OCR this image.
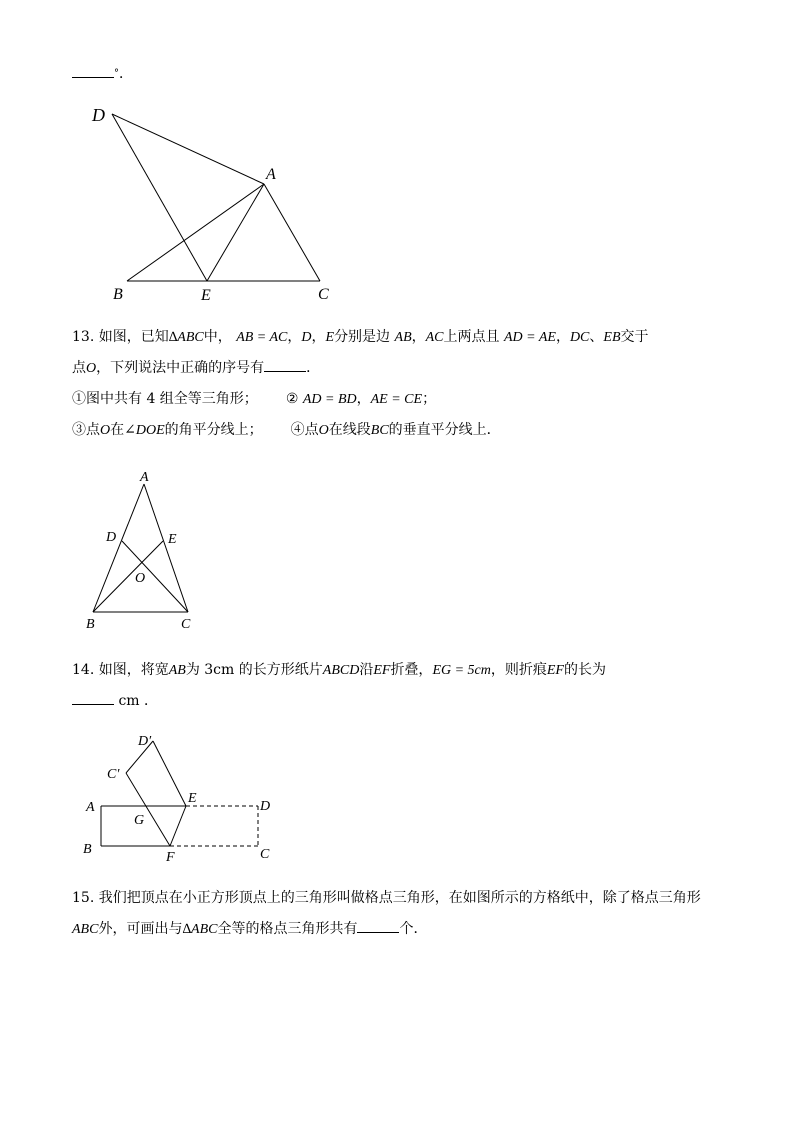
°．
D
A
B	E	C
A
D	E
O
B	C
D′
C′
A
E
D
G
B
F	C
13. 如图，已知∆ABC中， AB = AC，D，E分别是边 AB，AC上两点且 AD = AE，DC、EB交于
点O，下列说法中正确的序号有	．
①图中共有 4 组全等三角形； ② AD = BD，AE = CE；
③点O在∠DOE的角平分线上； ④点O在线段BC的垂直平分线上．
14. 如图，将宽AB为 3cm 的长方形纸片ABCD沿EF折叠，EG = 5cm，则折痕EF的长为
cm ．
15. 我们把顶点在小正方形顶点上的三角形叫做格点三角形，在如图所示的方格纸中，除了格点三角形
ABC外，可画出与∆ABC全等的格点三角形共有	个．
